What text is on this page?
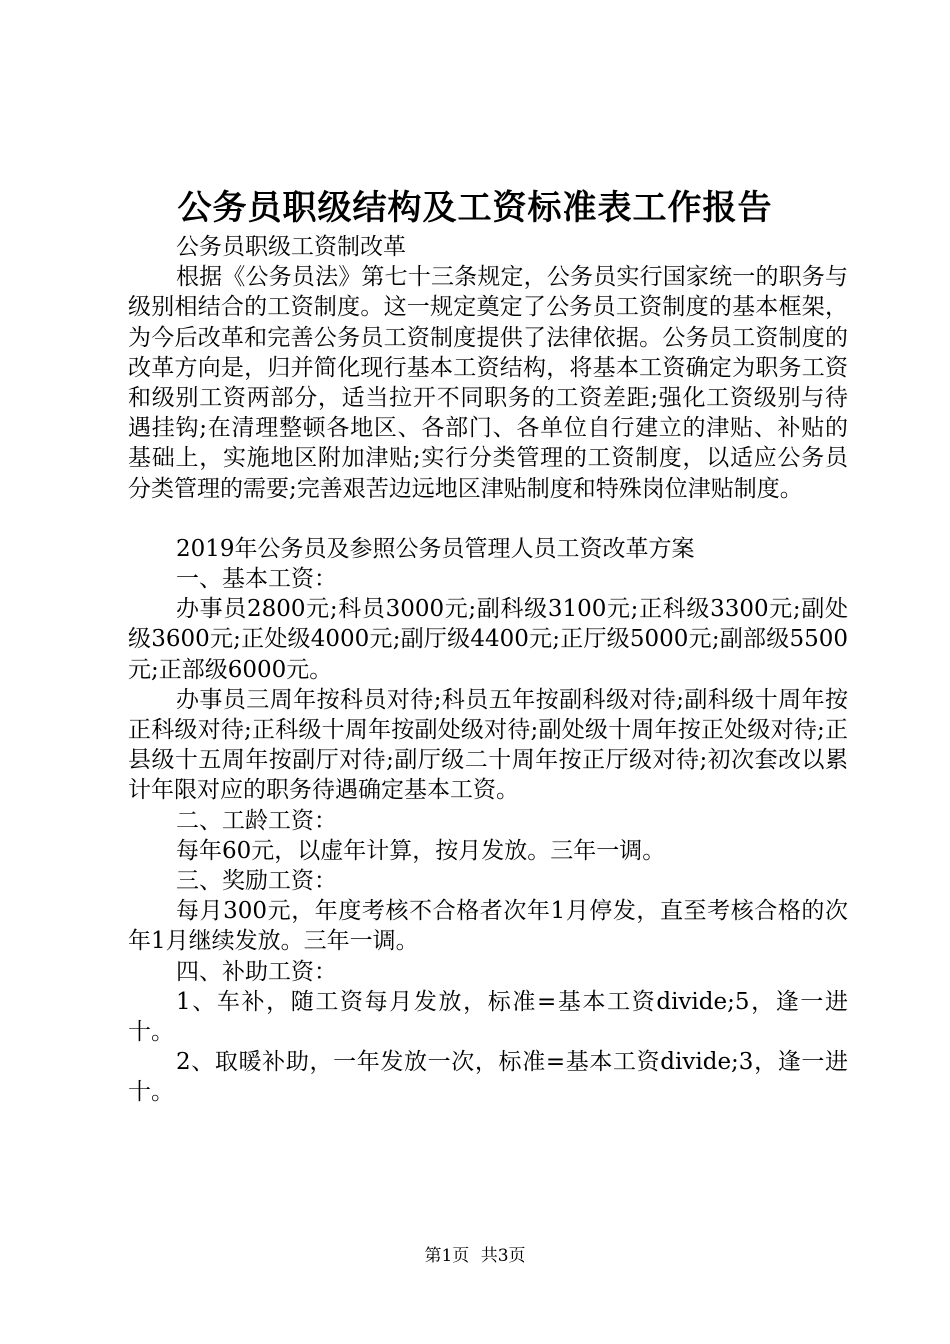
公务员职级结构及工资标准表工作报告

公务员职级工资制改革

根据《公务员法》第七十三条规定，公务员实行国家统一的职务与级别相结合的工资制度。这一规定奠定了公务员工资制度的基本框架，为今后改革和完善公务员工资制度提供了法律依据。公务员工资制度的改革方向是，归并简化现行基本工资结构，将基本工资确定为职务工资和级别工资两部分，适当拉开不同职务的工资差距;强化工资级别与待遇挂钩;在清理整顿各地区、各部门、各单位自行建立的津贴、补贴的基础上，实施地区附加津贴;实行分类管理的工资制度，以适应公务员分类管理的需要;完善艰苦边远地区津贴制度和特殊岗位津贴制度。

2019年公务员及参照公务员管理人员工资改革方案

一、基本工资：

办事员2800元;科员3000元;副科级3100元;正科级3300元;副处级3600元;正处级4000元;副厅级4400元;正厅级5000元;副部级5500元;正部级6000元。

办事员三周年按科员对待;科员五年按副科级对待;副科级十周年按正科级对待;正科级十周年按副处级对待;副处级十周年按正处级对待;正县级十五周年按副厅对待;副厅级二十周年按正厅级对待;初次套改以累计年限对应的职务待遇确定基本工资。

二、工龄工资：

每年60元，以虚年计算，按月发放。三年一调。

三、奖励工资：

每月300元，年度考核不合格者次年1月停发，直至考核合格的次年1月继续发放。三年一调。

四、补助工资：

1、车补，随工资每月发放，标准=基本工资divide;5，逢一进十。

2、取暖补助，一年发放一次，标准=基本工资divide;3，逢一进十。

第1页 共3页
